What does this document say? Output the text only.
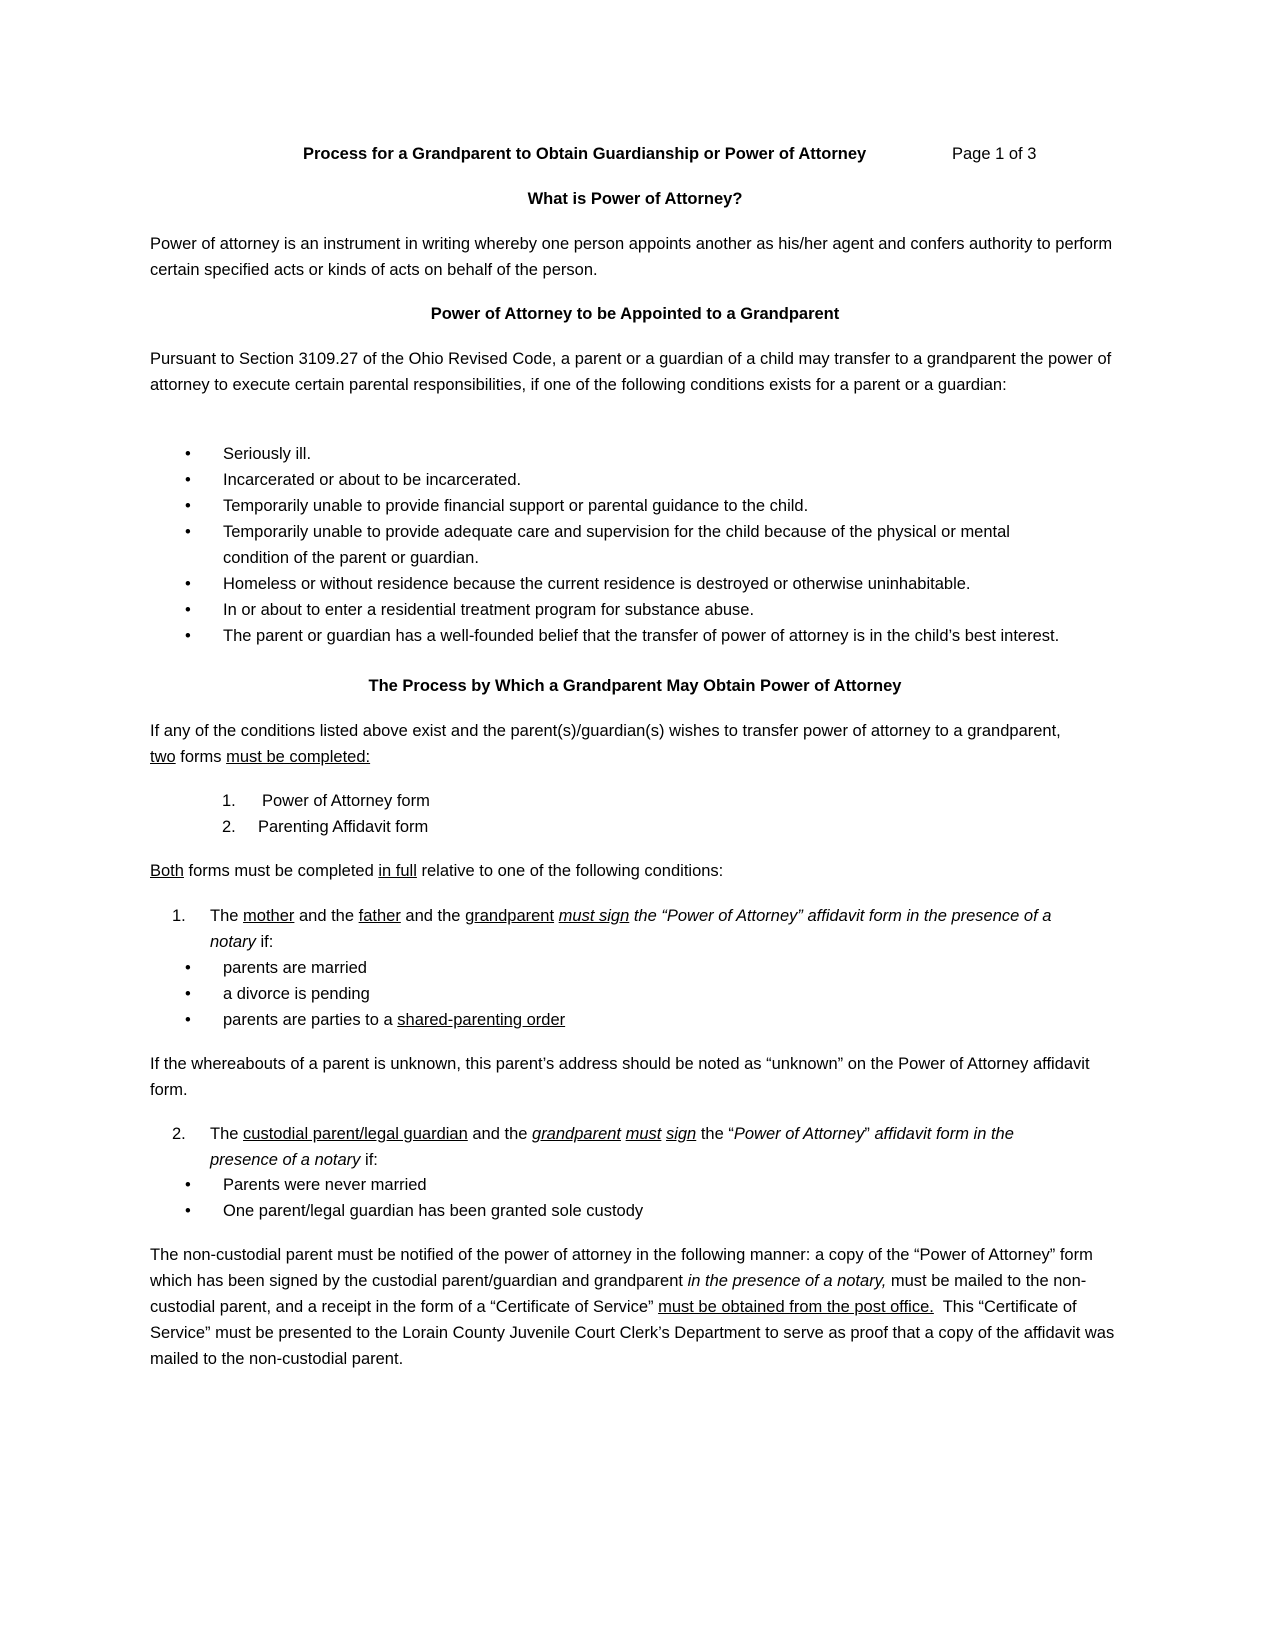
Process for a Grandparent to Obtain Guardianship or Power of Attorney	Page 1 of 3
What is Power of Attorney?
Power of attorney is an instrument in writing whereby one person appoints another as his/her agent and confers authority to perform certain specified acts or kinds of acts on behalf of the person.
Power of Attorney to be Appointed to a Grandparent
Pursuant to Section 3109.27 of the Ohio Revised Code, a parent or a guardian of a child may transfer to a grandparent the power of attorney to execute certain parental responsibilities, if one of the following conditions exists for a parent or a guardian:
• Seriously ill.
• Incarcerated or about to be incarcerated.
• Temporarily unable to provide financial support or parental guidance to the child.
• Temporarily unable to provide adequate care and supervision for the child because of the physical or mental condition of the parent or guardian.
• Homeless or without residence because the current residence is destroyed or otherwise uninhabitable.
• In or about to enter a residential treatment program for substance abuse.
• The parent or guardian has a well-founded belief that the transfer of power of attorney is in the child’s best interest.
The Process by Which a Grandparent May Obtain Power of Attorney
If any of the conditions listed above exist and the parent(s)/guardian(s) wishes to transfer power of attorney to a grandparent,
two forms must be completed:
1. Power of Attorney form
2. Parenting Affidavit form
Both forms must be completed in full relative to one of the following conditions:
1. The mother and the father and the grandparent must sign the “Power of Attorney” affidavit form in the presence of a
notary if:
• parents are married
• a divorce is pending
• parents are parties to a shared-parenting order
If the whereabouts of a parent is unknown, this parent’s address should be noted as “unknown” on the Power of Attorney affidavit form.
2. The custodial parent/legal guardian and the grandparent must sign the “Power of Attorney” affidavit form in the
presence of a notary if:
• Parents were never married
• One parent/legal guardian has been granted sole custody
The non-custodial parent must be notified of the power of attorney in the following manner: a copy of the “Power of Attorney” form which has been signed by the custodial parent/guardian and grandparent in the presence of a notary, must be mailed to the non-custodial parent, and a receipt in the form of a “Certificate of Service” must be obtained from the post office.  This “Certificate of Service” must be presented to the Lorain County Juvenile Court Clerk’s Department to serve as proof that a copy of the affidavit was mailed to the non-custodial parent.
